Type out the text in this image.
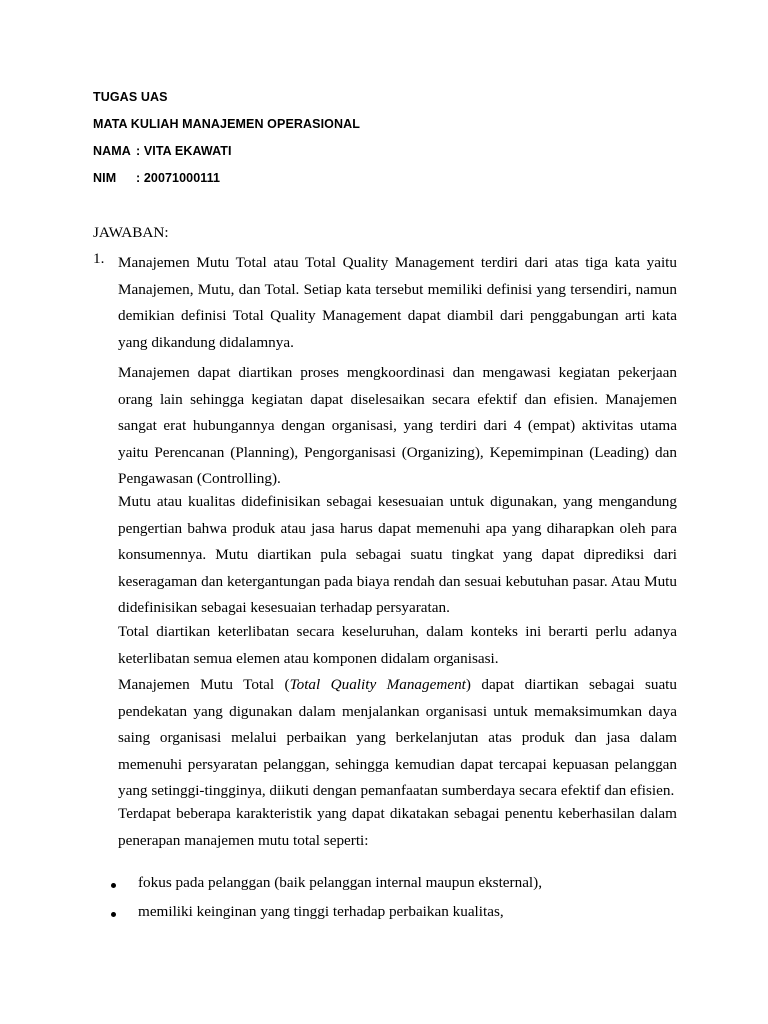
TUGAS UAS
MATA KULIAH MANAJEMEN OPERASIONAL
NAMA : VITA EKAWATI
NIM : 20071000111
JAWABAN:
1. Manajemen Mutu Total atau Total Quality Management terdiri dari atas tiga kata yaitu Manajemen, Mutu, dan Total. Setiap kata tersebut memiliki definisi yang tersendiri, namun demikian definisi Total Quality Management dapat diambil dari penggabungan arti kata yang dikandung didalamnya.
Manajemen dapat diartikan proses mengkoordinasi dan mengawasi kegiatan pekerjaan orang lain sehingga kegiatan dapat diselesaikan secara efektif dan efisien. Manajemen sangat erat hubungannya dengan organisasi, yang terdiri dari 4 (empat) aktivitas utama yaitu Perencanan (Planning), Pengorganisasi (Organizing), Kepemimpinan (Leading) dan Pengawasan (Controlling).
Mutu atau kualitas didefinisikan sebagai kesesuaian untuk digunakan, yang mengandung pengertian bahwa produk atau jasa harus dapat memenuhi apa yang diharapkan oleh para konsumennya. Mutu diartikan pula sebagai suatu tingkat yang dapat diprediksi dari keseragaman dan ketergantungan pada biaya rendah dan sesuai kebutuhan pasar. Atau Mutu didefinisikan sebagai kesesuaian terhadap persyaratan.
Total diartikan keterlibatan secara keseluruhan, dalam konteks ini berarti perlu adanya keterlibatan semua elemen atau komponen didalam organisasi.
Manajemen Mutu Total (Total Quality Management) dapat diartikan sebagai suatu pendekatan yang digunakan dalam menjalankan organisasi untuk memaksimumkan daya saing organisasi melalui perbaikan yang berkelanjutan atas produk dan jasa dalam memenuhi persyaratan pelanggan, sehingga kemudian dapat tercapai kepuasan pelanggan yang setinggi-tingginya, diikuti dengan pemanfaatan sumberdaya secara efektif dan efisien.
Terdapat beberapa karakteristik yang dapat dikatakan sebagai penentu keberhasilan dalam penerapan manajemen mutu total seperti:
fokus pada pelanggan (baik pelanggan internal maupun eksternal),
memiliki keinginan yang tinggi terhadap perbaikan kualitas,
